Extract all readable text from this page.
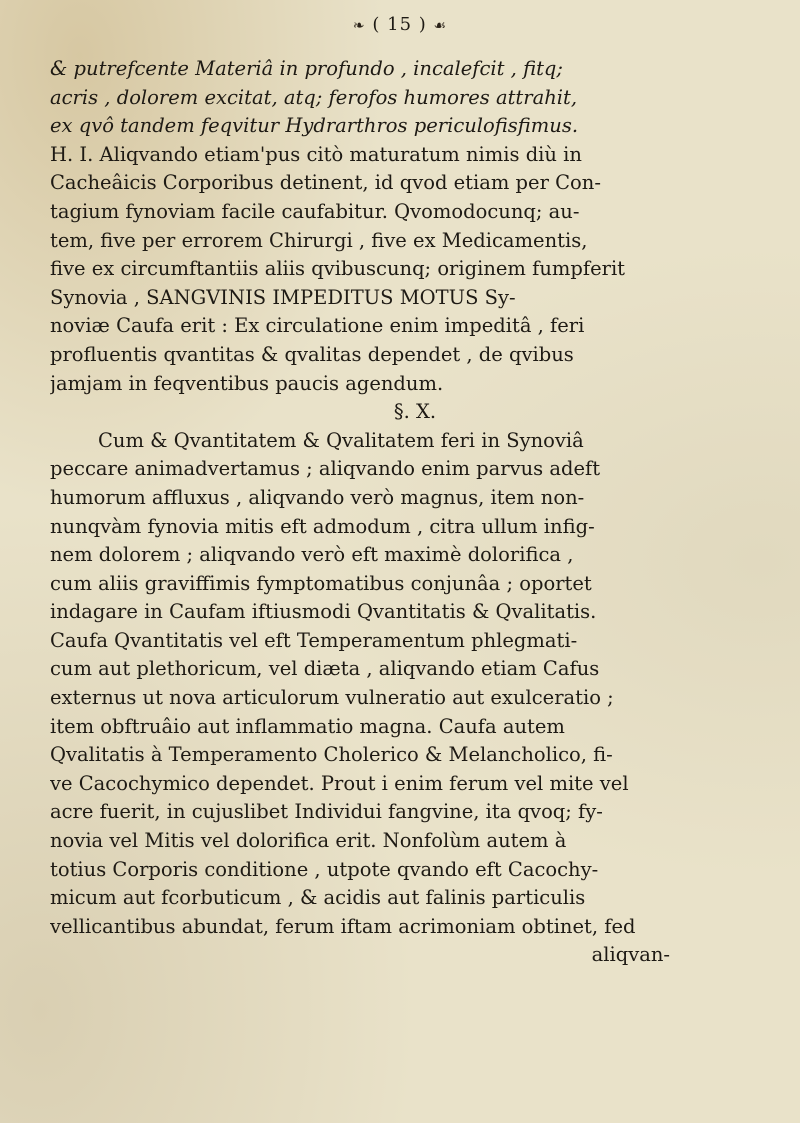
❧ ( 15 ) ☙
& putrefcente Materiâ in profundo , incalefcit , fitq;
acris , dolorem excitat, atq; ferofos humores attrahit,
ex qvô tandem feqvitur Hydrarthros periculofisfimus.
H. I. Aliqvando etiam'pus citò maturatum nimis diù in
Cacheâicis Corporibus detinent, id qvod etiam per Con-
tagium fynoviam facile caufabitur. Qvomodocunq; au-
tem, five per errorem Chirurgi , five ex Medicamentis,
five ex circumftantiis aliis qvibuscunq; originem fumpferit
Synovia , SANGVINIS IMPEDITUS MOTUS Sy-
noviæ Caufa erit : Ex circulatione enim impeditâ , feri
profluentis qvantitas & qvalitas dependet , de qvibus
jamjam in feqventibus paucis agendum.
§. X.
Cum & Qvantitatem & Qvalitatem feri in Synoviâ
peccare animadvertamus ; aliqvando enim parvus adeft
humorum affluxus , aliqvando verò magnus, item non-
nunqvàm fynovia mitis eft admodum , citra ullum infig-
nem dolorem ; aliqvando verò eft maximè dolorifica ,
cum aliis graviffimis fymptomatibus conjunâa ; oportet
indagare in Caufam iftiusmodi Qvantitatis & Qvalitatis.
Caufa Qvantitatis vel eft Temperamentum phlegmati-
cum aut plethoricum, vel diæta , aliqvando etiam Cafus
externus ut nova articulorum vulneratio aut exulceratio ;
item obftruâio aut inflammatio magna. Caufa autem
Qvalitatis à Temperamento Cholerico & Melancholico, fi-
ve Cacochymico dependet. Prout i enim ferum vel mite vel
acre fuerit, in cujuslibet Individui fangvine, ita qvoq; fy-
novia vel Mitis vel dolorifica erit. Nonfolùm autem à
totius Corporis conditione , utpote qvando eft Cacochy-
micum aut fcorbuticum , & acidis aut falinis particulis
vellicantibus abundat, ferum iftam acrimoniam obtinet, fed
aliqvan-
